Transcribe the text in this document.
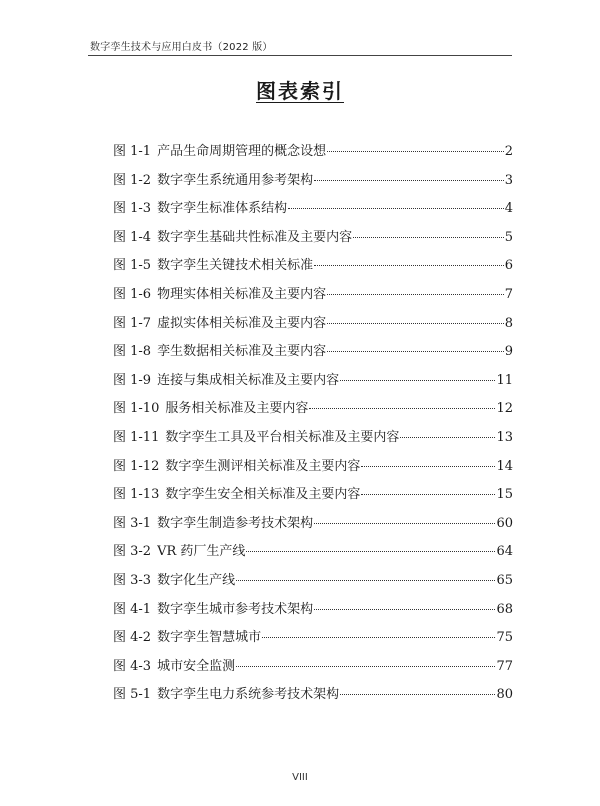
数字孪生技术与应用白皮书（2022 版）
图表索引
图 1-1 产品生命周期管理的概念设想	2
图 1-2 数字孪生系统通用参考架构	3
图 1-3 数字孪生标准体系结构	4
图 1-4 数字孪生基础共性标准及主要内容	5
图 1-5 数字孪生关键技术相关标准	6
图 1-6 物理实体相关标准及主要内容	7
图 1-7 虚拟实体相关标准及主要内容	8
图 1-8 孪生数据相关标准及主要内容	9
图 1-9 连接与集成相关标准及主要内容	11
图 1-10 服务相关标准及主要内容	12
图 1-11 数字孪生工具及平台相关标准及主要内容	13
图 1-12 数字孪生测评相关标准及主要内容	14
图 1-13 数字孪生安全相关标准及主要内容	15
图 3-1 数字孪生制造参考技术架构	60
图 3-2 VR 药厂生产线	64
图 3-3 数字化生产线	65
图 4-1 数字孪生城市参考技术架构	68
图 4-2 数字孪生智慧城市	75
图 4-3 城市安全监测	77
图 5-1 数字孪生电力系统参考技术架构	80
VIII
